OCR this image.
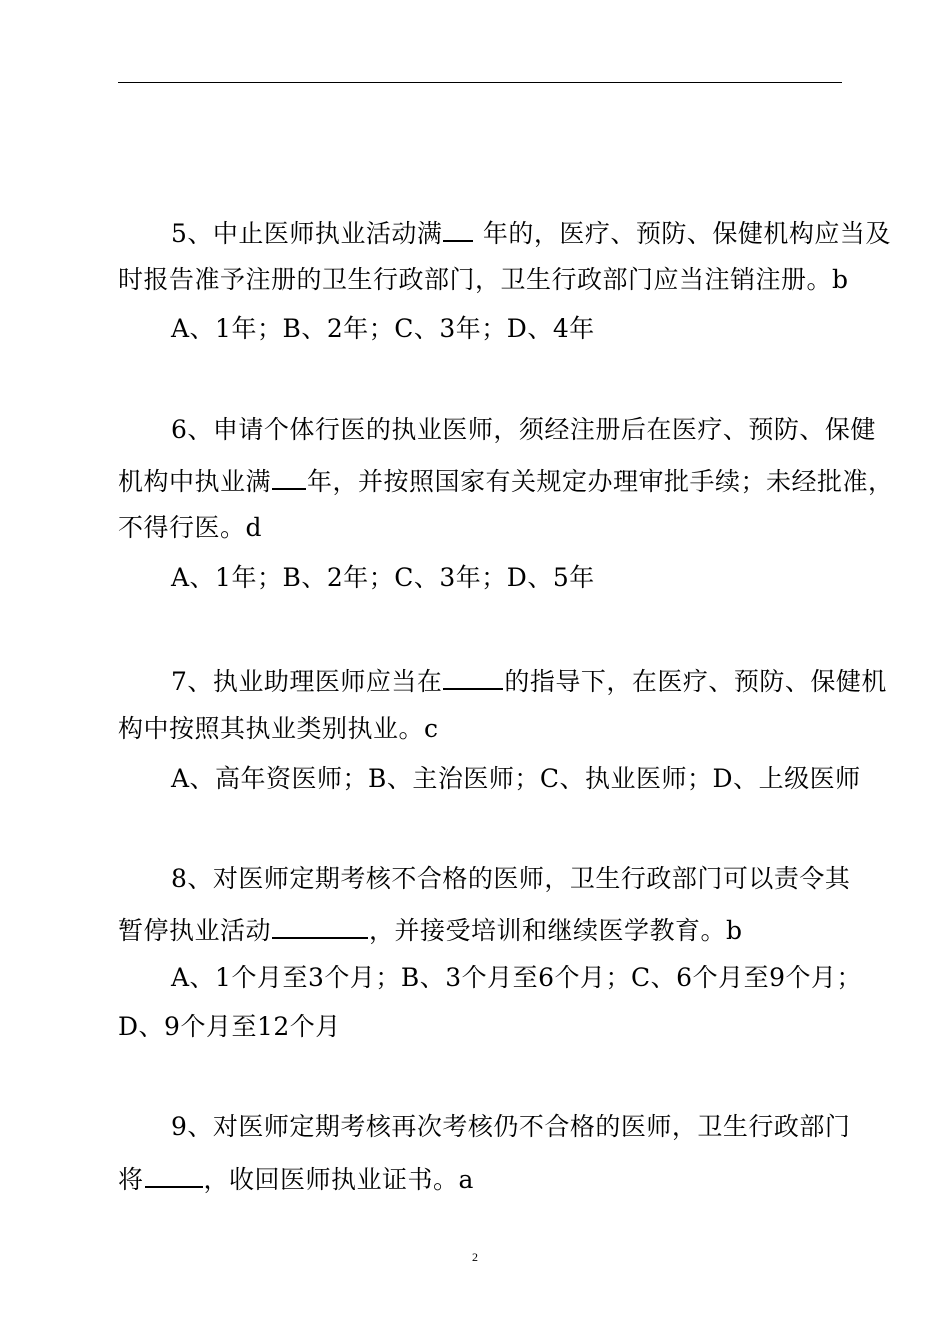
5、中止医师执业活动满 年的，医疗、预防、保健机构应当及
时报告准予注册的卫生行政部门，卫生行政部门应当注销注册。b
A、1年；B、2年；C、3年；D、4年
6、申请个体行医的执业医师，须经注册后在医疗、预防、保健
机构中执业满 年，并按照国家有关规定办理审批手续；未经批准，
不得行医。d
A、1年；B、2年；C、3年；D、5年
7、执业助理医师应当在 的指导下，在医疗、预防、保健机
构中按照其执业类别执业。c
A、高年资医师；B、主治医师；C、执业医师；D、上级医师
8、对医师定期考核不合格的医师，卫生行政部门可以责令其
暂停执业活动	，并接受培训和继续医学教育。b
A、1个月至3个月；B、3个月至6个月；C、6个月至9个月；
D、9个月至12个月
9、对医师定期考核再次考核仍不合格的医师，卫生行政部门
将 ，收回医师执业证书。a
2
